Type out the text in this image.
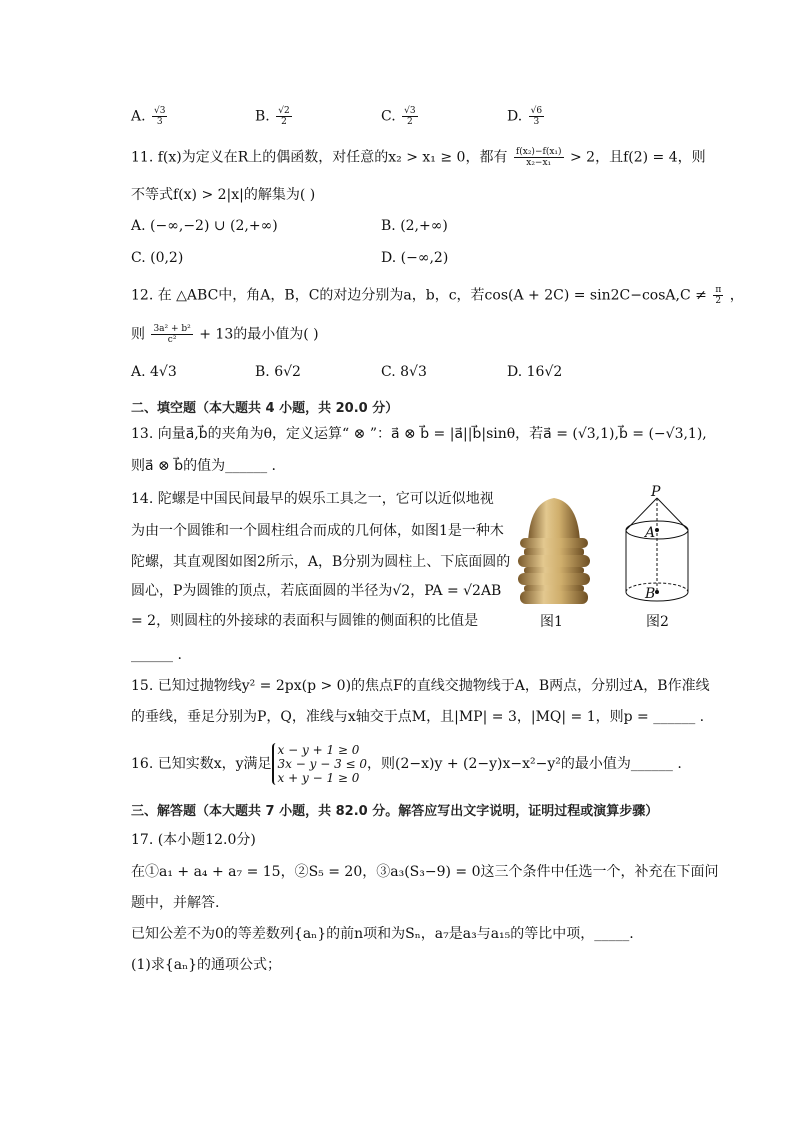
A. $\frac{√3}{3}$	B. $\frac{√2}{2}$	C. $\frac{√3}{2}$	D. $\frac{√6}{3}$
11. f(x)为定义在R上的偶函数，对任意的x₂ > x₁ ≥ 0，都有 $\frac{\text{f(x₂)−f(x₁)}}{\text{x₂−x₁}} > 2$，且f(2) = 4，则
不等式f(x) > 2|x|的解集为( )
A. (−∞,−2) ∪ (2,+∞)	B. (2,+∞)
C. (0,2)	D. (−∞,2)
12. 在 △ABC中，角A，B，C的对边分别为a，b，c，若$\cos(A + 2C) = \sin 2C-\cos A,C \ne \frac{\pi}{2}$ ，
则 $\frac{\text{3a² + b²}}{\text{c²}} + 13$的最小值为( )
A. 4√3	B. 6√2	C. 8√3	D. 16√2
二、填空题（本大题共 4 小题，共 20.0 分）
13. 向量a⃗,b⃗的夹角为θ，定义运算“ ⊗ ”：a⃗ ⊗ b⃗ = |a⃗||b⃗|sinθ，若a⃗ = (√3,1),b⃗ = (−√3,1),
则a⃗ ⊗ b⃗的值为______ .
14. 陀螺是中国民间最早的娱乐工具之一，它可以近似地视
为由一个圆锥和一个圆柱组合而成的几何体，如图1是一种木
陀螺，其直观图如图2所示，A，B分别为圆柱上、下底面圆的
圆心，P为圆锥的顶点，若底面圆的半径为√2，PA = √2AB
= 2，则圆柱的外接球的表面积与圆锥的侧面积的比值是
______ .
图1
P
A
B
图2
15. 已知过抛物线y² = 2px(p > 0)的焦点F的直线交抛物线于A，B两点，分别过A，B作准线
的垂线，垂足分别为P，Q，准线与x轴交于点M，且|MP| = 3，|MQ| = 1，则p = ______ .
16. 已知实数x，y满足
x − y + 1 ≥ 0
3x − y − 3 ≤ 0
x + y − 1 ≥ 0
，则(2−x)y + (2−y)x−x²−y²的最小值为______ .
三、解答题（本大题共 7 小题，共 82.0 分。解答应写出文字说明，证明过程或演算步骤）
17. (本小题12.0分)
在①a₁ + a₄ + a₇ = 15，②S₅ = 20，③a₃(S₃−9) = 0这三个条件中任选一个，补充在下面问
题中，并解答.
已知公差不为0的等差数列{aₙ}的前n项和为Sₙ，a₇是a₃与a₁₅的等比中项，_____.
(1)求{aₙ}的通项公式；
